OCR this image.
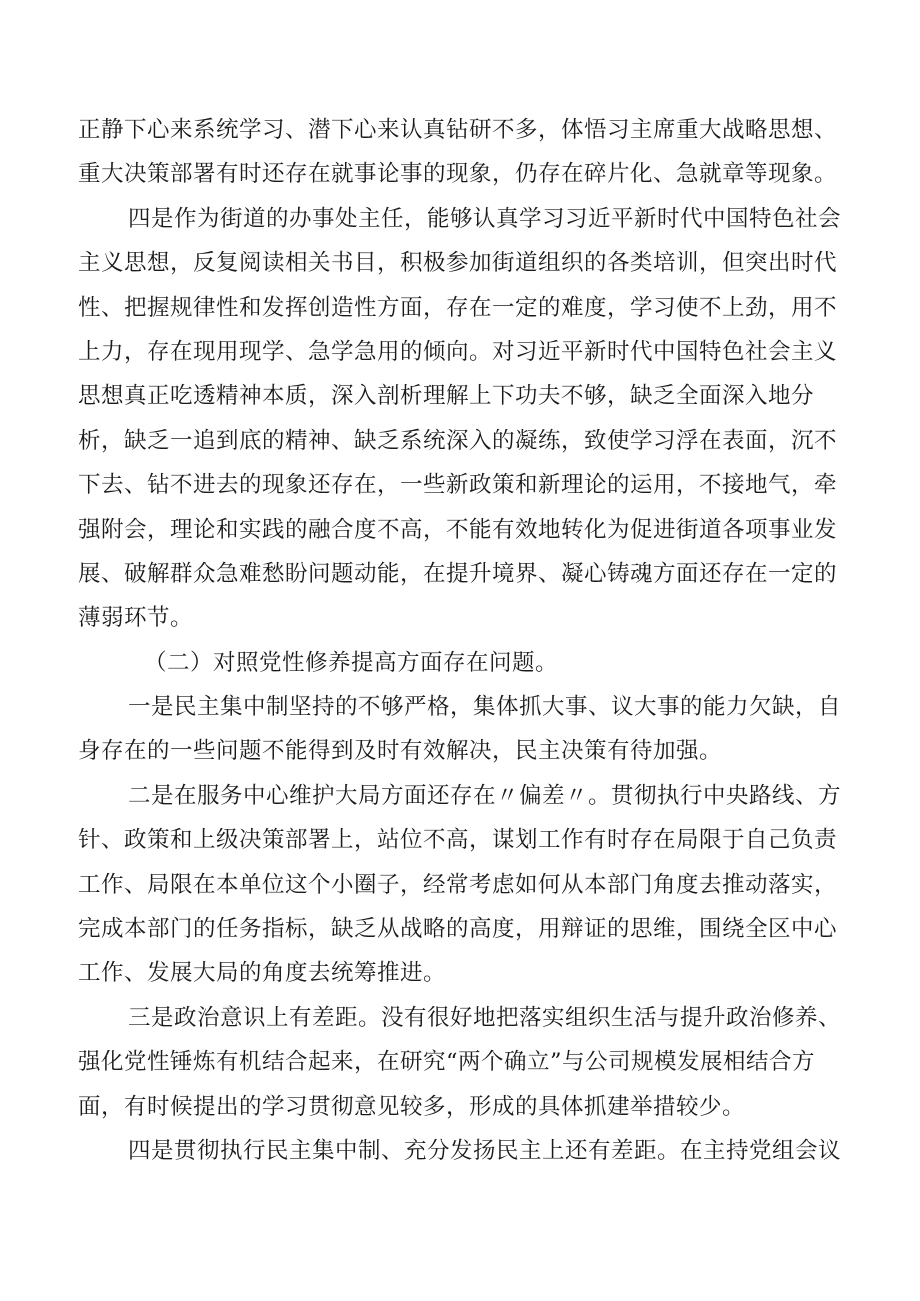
正静下心来系统学习、潜下心来认真钻研不多，体悟习主席重大战略思想、
重大决策部署有时还存在就事论事的现象，仍存在碎片化、急就章等现象。
四是作为街道的办事处主任，能够认真学习习近平新时代中国特色社会
主义思想，反复阅读相关书目，积极参加街道组织的各类培训，但突出时代
性、把握规律性和发挥创造性方面，存在一定的难度，学习使不上劲，用不
上力，存在现用现学、急学急用的倾向。对习近平新时代中国特色社会主义
思想真正吃透精神本质，深入剖析理解上下功夫不够，缺乏全面深入地分
析，缺乏一追到底的精神、缺乏系统深入的凝练，致使学习浮在表面，沉不
下去、钻不进去的现象还存在，一些新政策和新理论的运用，不接地气，牵
强附会，理论和实践的融合度不高，不能有效地转化为促进街道各项事业发
展、破解群众急难愁盼问题动能，在提升境界、凝心铸魂方面还存在一定的
薄弱环节。
（二）对照党性修养提高方面存在问题。
一是民主集中制坚持的不够严格，集体抓大事、议大事的能力欠缺，自
身存在的一些问题不能得到及时有效解决，民主决策有待加强。
二是在服务中心维护大局方面还存在〃偏差〃。贯彻执行中央路线、方
针、政策和上级决策部署上，站位不高，谋划工作有时存在局限于自己负责
工作、局限在本单位这个小圈子，经常考虑如何从本部门角度去推动落实，
完成本部门的任务指标，缺乏从战略的高度，用辩证的思维，围绕全区中心
工作、发展大局的角度去统筹推进。
三是政治意识上有差距。没有很好地把落实组织生活与提升政治修养、
强化党性锤炼有机结合起来，在研究“两个确立”与公司规模发展相结合方
面，有时候提出的学习贯彻意见较多，形成的具体抓建举措较少。
四是贯彻执行民主集中制、充分发扬民主上还有差距。在主持党组会议
